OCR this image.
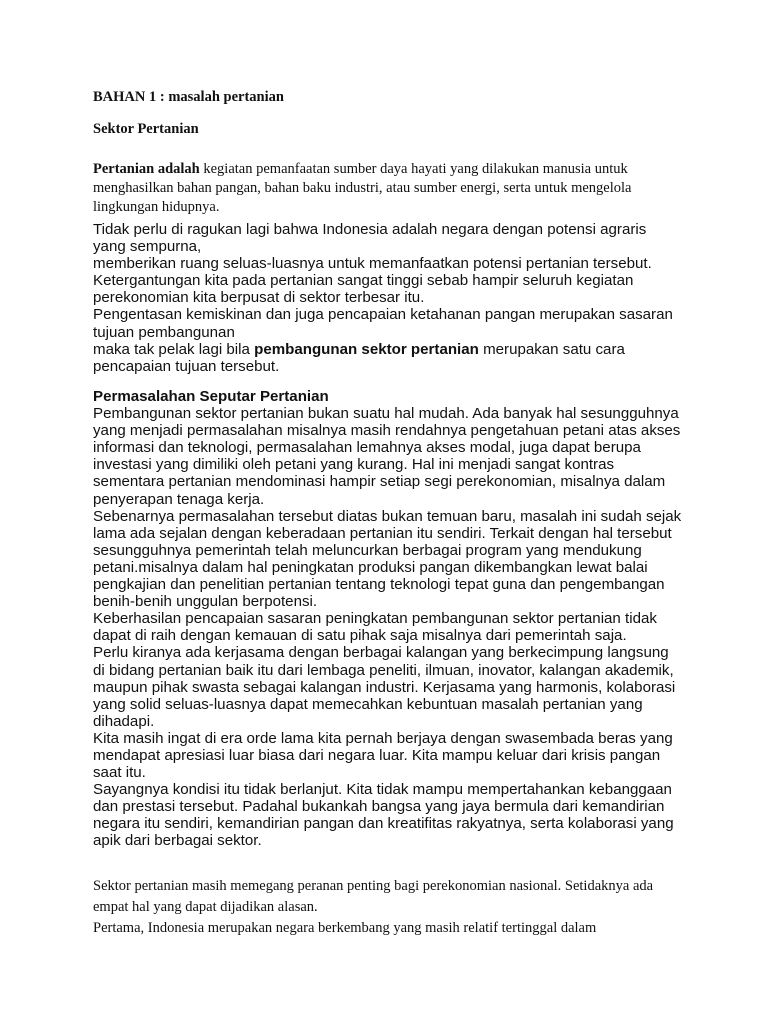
BAHAN 1 : masalah pertanian
Sektor Pertanian

Pertanian adalah kegiatan pemanfaatan sumber daya hayati yang dilakukan manusia untuk menghasilkan bahan pangan, bahan baku industri, atau sumber energi, serta untuk mengelola lingkungan hidupnya.

Tidak perlu di ragukan lagi bahwa Indonesia adalah negara dengan potensi agraris yang sempurna,

memberikan ruang seluas-luasnya untuk memanfaatkan potensi pertanian tersebut.

Ketergantungan kita pada pertanian sangat tinggi sebab hampir seluruh kegiatan perekonomian kita berpusat di sektor terbesar itu.

Pengentasan kemiskinan dan juga pencapaian ketahanan pangan merupakan sasaran tujuan pembangunan

maka tak pelak lagi bila pembangunan sektor pertanian merupakan satu cara pencapaian tujuan tersebut.

Permasalahan Seputar Pertanian

Pembangunan sektor pertanian bukan suatu hal mudah. Ada banyak hal sesungguhnya yang menjadi permasalahan misalnya masih rendahnya pengetahuan petani atas akses informasi dan teknologi, permasalahan lemahnya akses modal, juga dapat berupa investasi yang dimiliki oleh petani yang kurang. Hal ini menjadi sangat kontras sementara pertanian mendominasi hampir setiap segi perekonomian, misalnya dalam penyerapan tenaga kerja.

Sebenarnya permasalahan tersebut diatas bukan temuan baru, masalah ini sudah sejak lama ada sejalan dengan keberadaan pertanian itu sendiri. Terkait dengan hal tersebut sesungguhnya pemerintah telah meluncurkan berbagai program yang mendukung petani.misalnya dalam hal peningkatan produksi pangan dikembangkan lewat balai pengkajian dan penelitian pertanian tentang teknologi tepat guna dan pengembangan benih-benih unggulan berpotensi.

Keberhasilan pencapaian sasaran peningkatan pembangunan sektor pertanian tidak dapat di raih dengan kemauan di satu pihak saja misalnya dari pemerintah saja.

Perlu kiranya ada kerjasama dengan berbagai kalangan yang berkecimpung langsung di bidang pertanian baik itu dari lembaga peneliti, ilmuan, inovator, kalangan akademik, maupun pihak swasta sebagai kalangan industri. Kerjasama yang harmonis, kolaborasi yang solid seluas-luasnya dapat memecahkan kebuntuan masalah pertanian yang dihadapi.

Kita masih ingat di era orde lama kita pernah berjaya dengan swasembada beras yang mendapat apresiasi luar biasa dari negara luar. Kita mampu keluar dari krisis pangan saat itu.

Sayangnya kondisi itu tidak berlanjut. Kita tidak mampu mempertahankan kebanggaan dan prestasi tersebut. Padahal bukankah bangsa yang jaya bermula dari kemandirian negara itu sendiri, kemandirian pangan dan kreatifitas rakyatnya, serta kolaborasi yang apik dari berbagai sektor.

Sektor pertanian masih memegang peranan penting bagi perekonomian nasional. Setidaknya ada empat hal yang dapat dijadikan alasan.

Pertama, Indonesia merupakan negara berkembang yang masih relatif tertinggal dalam
